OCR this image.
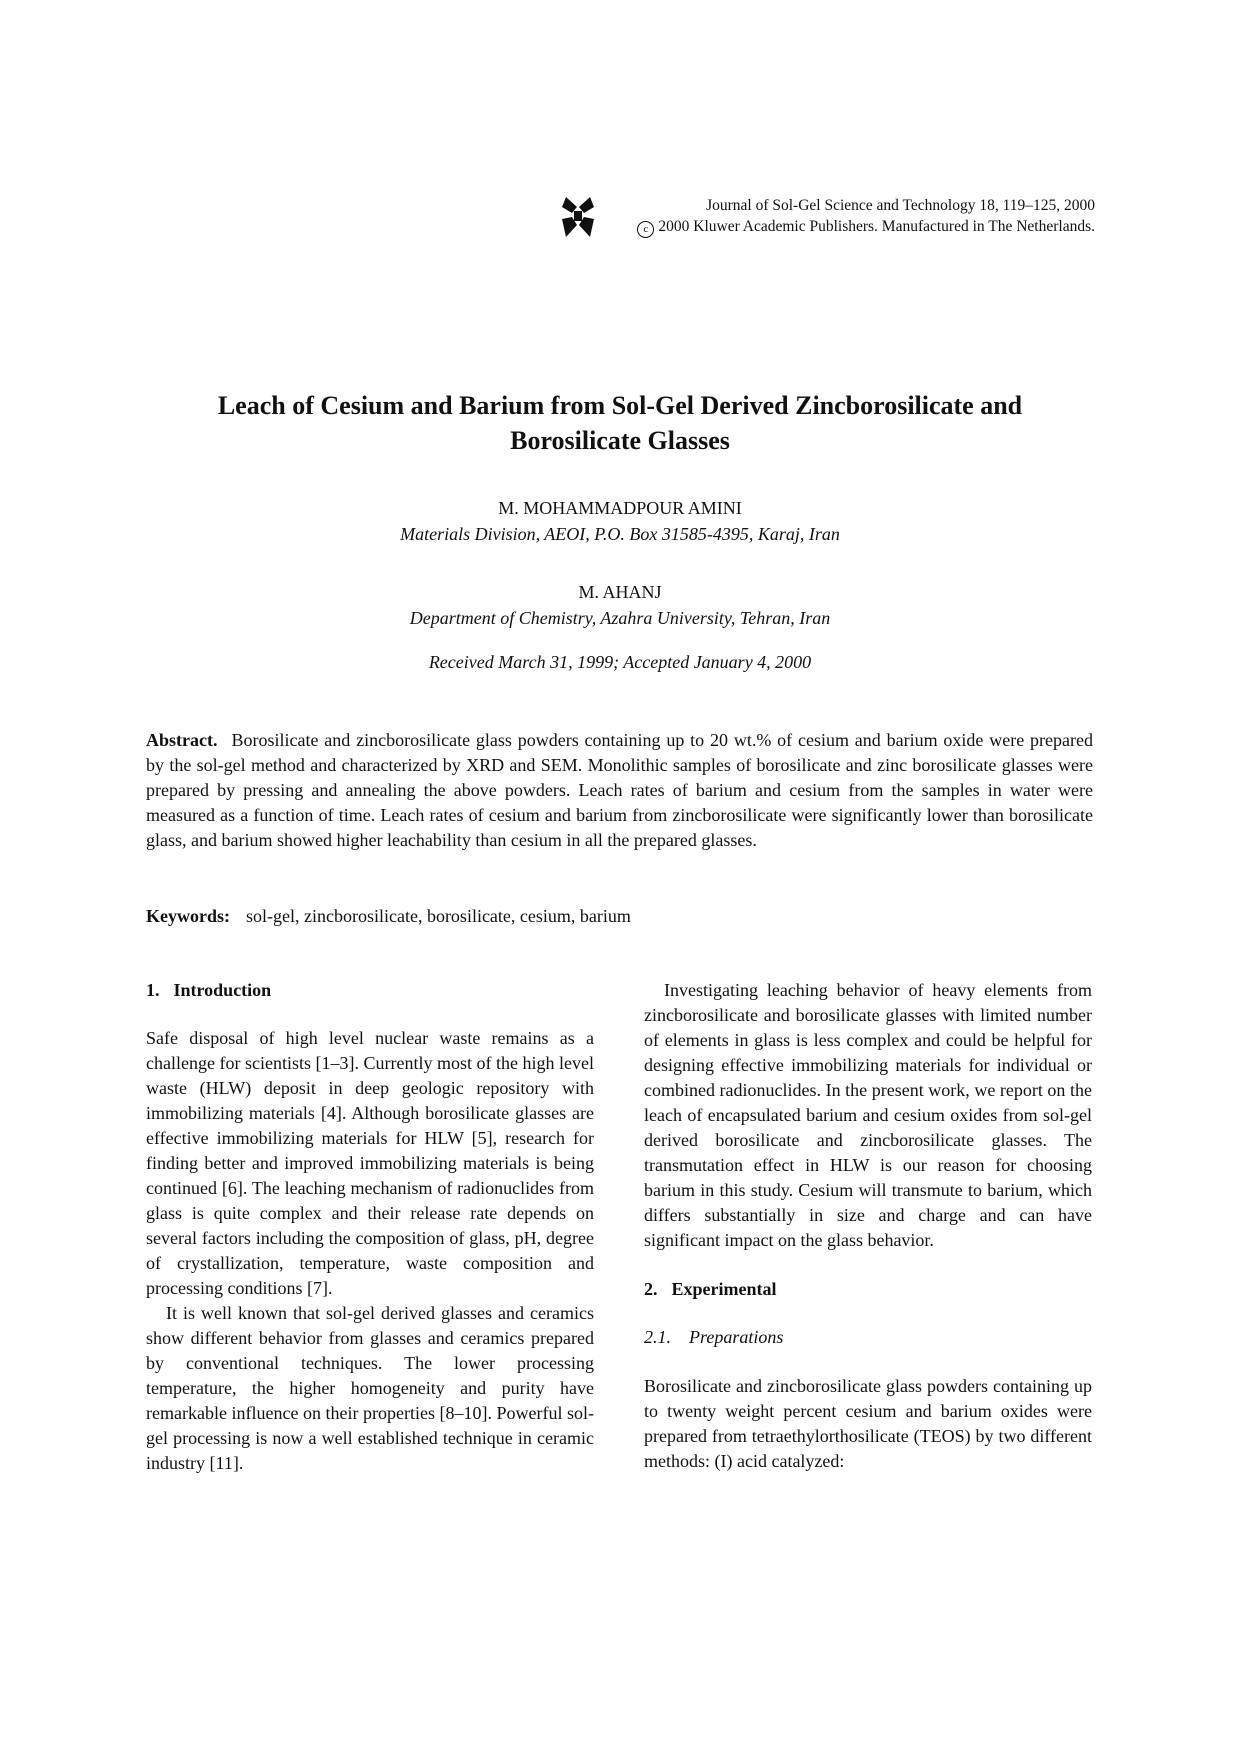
Journal of Sol-Gel Science and Technology 18, 119–125, 2000
c 2000 Kluwer Academic Publishers. Manufactured in The Netherlands.
Leach of Cesium and Barium from Sol-Gel Derived Zincborosilicate and
Borosilicate Glasses
M. MOHAMMADPOUR AMINI
Materials Division, AEOI, P.O. Box 31585-4395, Karaj, Iran
M. AHANJ
Department of Chemistry, Azahra University, Tehran, Iran
Received March 31, 1999; Accepted January 4, 2000

Abstract. Borosilicate and zincborosilicate glass powders containing up to 20 wt.% of cesium and barium oxide were prepared by the sol-gel method and characterized by XRD and SEM. Monolithic samples of borosilicate and zinc borosilicate glasses were prepared by pressing and annealing the above powders. Leach rates of barium and cesium from the samples in water were measured as a function of time. Leach rates of cesium and barium from zincborosilicate were significantly lower than borosilicate glass, and barium showed higher leachability than cesium in all the prepared glasses.

Keywords: sol-gel, zincborosilicate, borosilicate, cesium, barium

1. Introduction

Safe disposal of high level nuclear waste remains as a challenge for scientists [1–3]. Currently most of the high level waste (HLW) deposit in deep geologic repository with immobilizing materials [4]. Although borosilicate glasses are effective immobilizing materials for HLW [5], research for finding better and improved immobilizing materials is being continued [6]. The leaching mechanism of radionuclides from glass is quite complex and their release rate depends on several factors including the composition of glass, pH, degree of crystallization, temperature, waste composition and processing conditions [7].

It is well known that sol-gel derived glasses and ceramics show different behavior from glasses and ceramics prepared by conventional techniques. The lower processing temperature, the higher homogeneity and purity have remarkable influence on their properties [8–10]. Powerful sol-gel processing is now a well established technique in ceramic industry [11].

Investigating leaching behavior of heavy elements from zincborosilicate and borosilicate glasses with limited number of elements in glass is less complex and could be helpful for designing effective immobilizing materials for individual or combined radionuclides. In the present work, we report on the leach of encapsulated barium and cesium oxides from sol-gel derived borosilicate and zincborosilicate glasses. The transmutation effect in HLW is our reason for choosing barium in this study. Cesium will transmute to barium, which differs substantially in size and charge and can have significant impact on the glass behavior.

2. Experimental
2.1. Preparations

Borosilicate and zincborosilicate glass powders containing up to twenty weight percent cesium and barium oxides were prepared from tetraethylorthosilicate (TEOS) by two different methods: (I) acid catalyzed:
